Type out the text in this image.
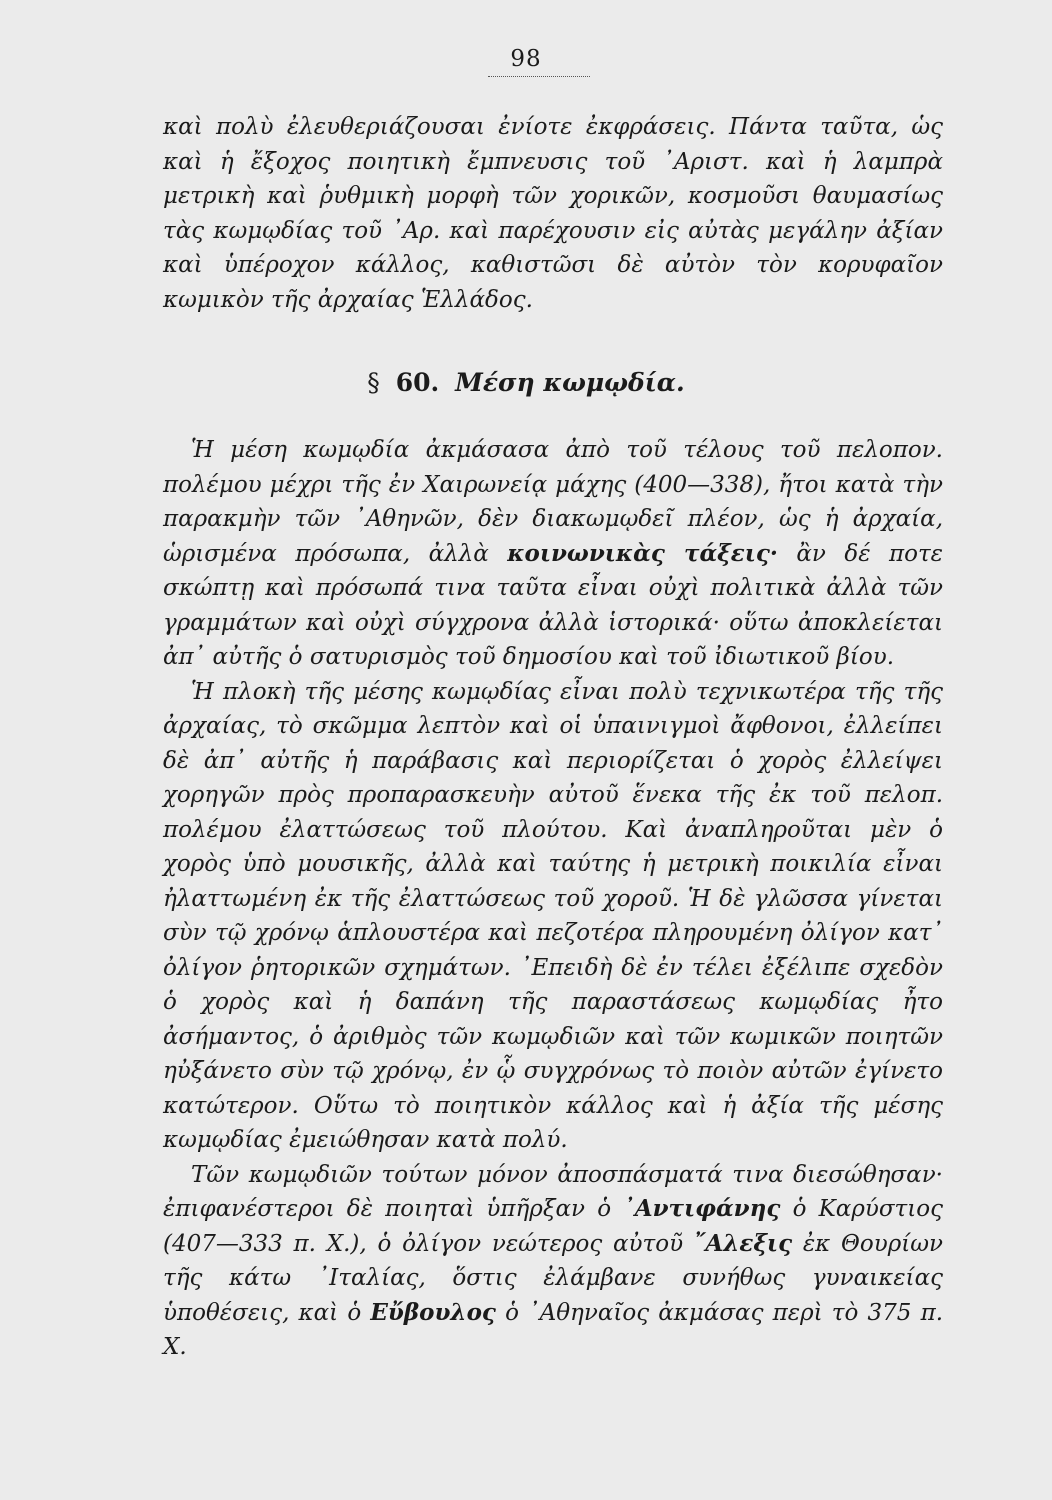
98

καὶ πολὺ ἐλευθεριάζουσαι ἐνίοτε ἐκφράσεις. Πάντα ταῦτα, ὡς καὶ ἡ ἔξοχος ποιητικὴ ἔμπνευσις τοῦ ᾿Αριστ. καὶ ἡ λαμπρὰ μετρικὴ καὶ ῥυθμικὴ μορφὴ τῶν χορικῶν, κοσμοῦσι θαυμασίως τὰς κωμῳδίας τοῦ ᾿Αρ. καὶ παρέχουσιν εἰς αὐτὰς μεγάλην ἀξίαν καὶ ὑπέροχον κάλλος, καθιστῶσι δὲ αὐτὸν τὸν κορυφαῖον κωμικὸν τῆς ἀρχαίας Ἑλλάδος.

§ 60. Μέση κωμῳδία.

Ἡ μέση κωμῳδία ἀκμάσασα ἀπὸ τοῦ τέλους τοῦ πελοπον. πολέμου μέχρι τῆς ἐν Χαιρωνείᾳ μάχης (400—338), ἤτοι κατὰ τὴν παρακμὴν τῶν ᾿Αθηνῶν, δὲν διακωμῳδεῖ πλέον, ὡς ἡ ἀρχαία, ὡρισμένα πρόσωπα, ἀλλὰ κοινωνικὰς τάξεις· ἂν δέ ποτε σκώπτῃ καὶ πρόσωπά τινα ταῦτα εἶναι οὐχὶ πολιτικὰ ἀλλὰ τῶν γραμμάτων καὶ οὐχὶ σύγχρονα ἀλλὰ ἱστορικά· οὕτω ἀποκλείεται ἀπ᾿ αὐτῆς ὁ σατυρισμὸς τοῦ δημοσίου καὶ τοῦ ἰδιωτικοῦ βίου.

Ἡ πλοκὴ τῆς μέσης κωμῳδίας εἶναι πολὺ τεχνικωτέρα τῆς τῆς ἀρχαίας, τὸ σκῶμμα λεπτὸν καὶ οἱ ὑπαινιγμοὶ ἄφθονοι, ἐλλείπει δὲ ἀπ᾿ αὐτῆς ἡ παράβασις καὶ περιορίζεται ὁ χορὸς ἐλλείψει χορηγῶν πρὸς προπαρασκευὴν αὐτοῦ ἕνεκα τῆς ἐκ τοῦ πελοπ. πολέμου ἐλαττώσεως τοῦ πλούτου. Καὶ ἀναπληροῦται μὲν ὁ χορὸς ὑπὸ μουσικῆς, ἀλλὰ καὶ ταύτης ἡ μετρικὴ ποικιλία εἶναι ἠλαττωμένη ἐκ τῆς ἐλαττώσεως τοῦ χοροῦ. Ἡ δὲ γλῶσσα γίνεται σὺν τῷ χρόνῳ ἁπλουστέρα καὶ πεζοτέρα πληρουμένη ὀλίγον κατ᾿ ὀλίγον ῥητορικῶν σχημάτων. ᾿Επειδὴ δὲ ἐν τέλει ἐξέλιπε σχεδὸν ὁ χορὸς καὶ ἡ δαπάνη τῆς παραστάσεως κωμῳδίας ἦτο ἀσήμαντος, ὁ ἀριθμὸς τῶν κωμῳδιῶν καὶ τῶν κωμικῶν ποιητῶν ηὐξάνετο σὺν τῷ χρόνῳ, ἐν ᾧ συγχρόνως τὸ ποιὸν αὐτῶν ἐγίνετο κατώτερον. Οὕτω τὸ ποιητικὸν κάλλος καὶ ἡ ἀξία τῆς μέσης κωμῳδίας ἐμειώθησαν κατὰ πολύ.

Τῶν κωμῳδιῶν τούτων μόνον ἀποσπάσματά τινα διεσώθησαν· ἐπιφανέστεροι δὲ ποιηταὶ ὑπῆρξαν ὁ ᾿Αντιφάνης ὁ Καρύστιος (407—333 π. Χ.), ὁ ὀλίγον νεώτερος αὐτοῦ ῎Αλεξις ἐκ Θουρίων τῆς κάτω ᾿Ιταλίας, ὅστις ἐλάμβανε συνήθως γυναικείας ὑποθέσεις, καὶ ὁ Εὔβουλος ὁ ᾿Αθηναῖος ἀκμάσας περὶ τὸ 375 π. Χ.
